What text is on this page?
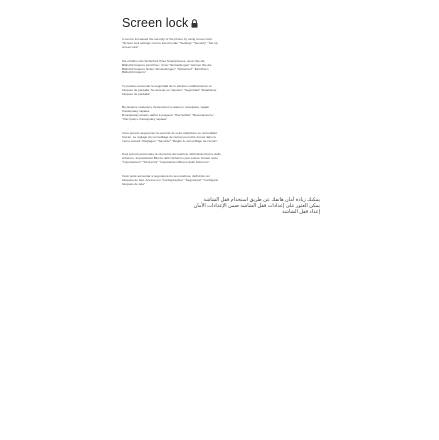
Screen lock
It can be increased the security of the phone by using screen lock.
"Screen lock settings can be found under "Settings" "Security" "Set up
screen lock".
Sie erhöhen die Sicherheit Ihres Smartphones, wenn Sie die
Bildschirmsperre einrichten. Unter "Einstellungen" können Sie die
Bildschirmsperre finden "Einstellungen" "Sicherheit" "Einrichten
Bildschirmsperre".
Tu puedes aumentar la seguridad de tu teléfono estableciendo un
bloqueo de pantalla. Se accede en "Ajustes" "Seguridad" "Establecer
bloqueo de pantalla".
Вы можете повысить безопасность вашего телефона, задав
блокировку экрана.
Блокировку можно найти в разделе "Настройки" "Безопасность"
"Настроить блокировку экрана".
Vous pouvez augmenter la sécurité de votre téléphone en verrouillant
l'écran. Le réglage du verrouillage de l'écran peut être trouvé dans le
menu suivant "Réglages" "Sécurité" "Régler le verrouillage de l'écran".
Puoi ancora aumentare la sicurezza del telefono utilizzando blocco dello
schermo. Impostazioni Blocco dello Schermo può essere trovato sotto
"Impostazioni" "Sicurezza" "Impostazioni Blocco dello Schermo".
Você pode aumentar a segurança do seu telefone, definindo um
bloqueio de tela. Acesse em "Configurações" "Segurança" "Configurar
bloqueio de tela".
يمكنك زيادة أمان هاتفك عن طريق استخدام قفل الشاشة
يمكن العثور على إعدادات قفل الشاشة ضمن الإعدادات الأمان
إعداد قفل الشاشة
